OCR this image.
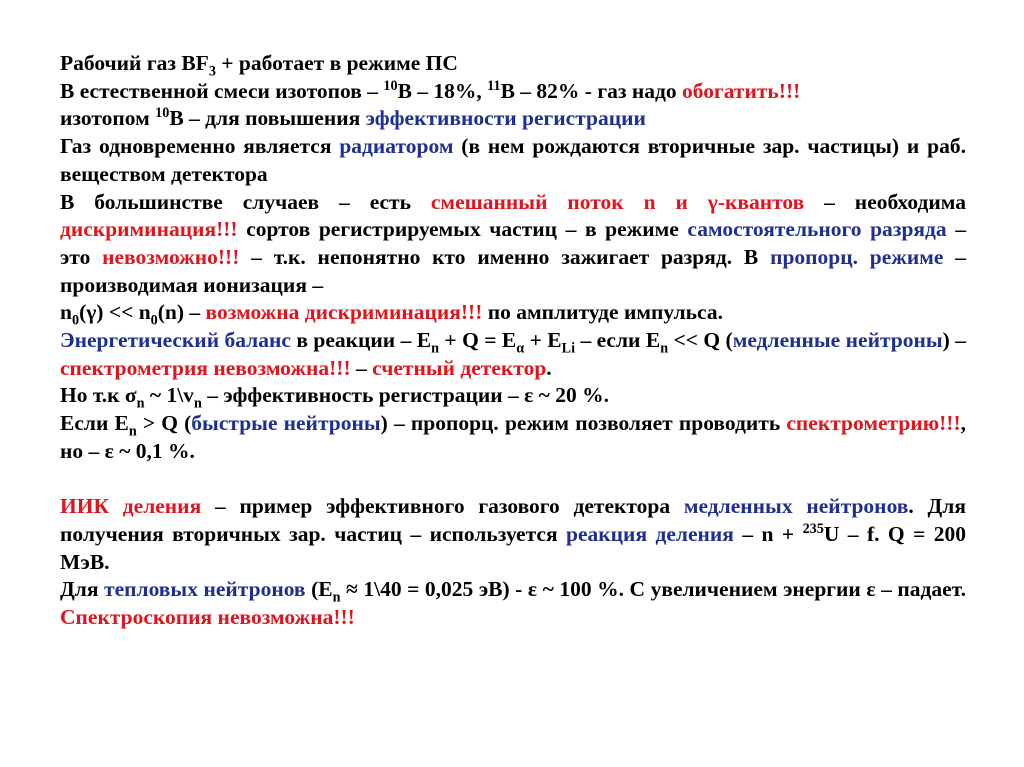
Рабочий газ $BF_3$ + работает в режиме ПС
В естественной смеси изотопов – $^{10}$B – 18%, $^{11}$B – 82% - газ надо обогатить!!!
изотопом $^{10}$B – для повышения эффективности регистрации
Газ одновременно является радиатором (в нем рождаются вторичные зар. частицы) и раб. веществом детектора
В большинстве случаев – есть смешанный поток n и γ-квантов – необходима дискриминация!!! сортов регистрируемых частиц – в режиме самостоятельного разряда – это невозможно!!! – т.к. непонятно кто именно зажигает разряд. В пропорц. режиме – производимая ионизация –
$n_0(\gamma) << n_0(n)$ – возможна дискриминация!!! по амплитуде импульса.
Энергетический баланс в реакции – $E_n + Q = E_\alpha + E_{Li}$ – если $E_n << Q$ (медленные нейтроны) – спектрометрия невозможна!!! – счетный детектор.
Но т.к $\sigma_n$ ~ $1\backslash v_n$ – эффективность регистрации – ε ~ 20 %.
Если $E_n > Q$ (быстрые нейтроны) – пропорц. режим позволяет проводить спектрометрию!!!, но – ε ~ 0,1 %.
ИИК деления – пример эффективного газового детектора медленных нейтронов. Для получения вторичных зар. частиц – используется реакция деления – n + $^{235}$U – f. Q = 200 МэВ.
Для тепловых нейтронов ($E_n$ ≈ 1\40 = 0,025 эВ) - ε ~ 100 %. С увеличением энергии ε – падает. Спектроскопия невозможна!!!
